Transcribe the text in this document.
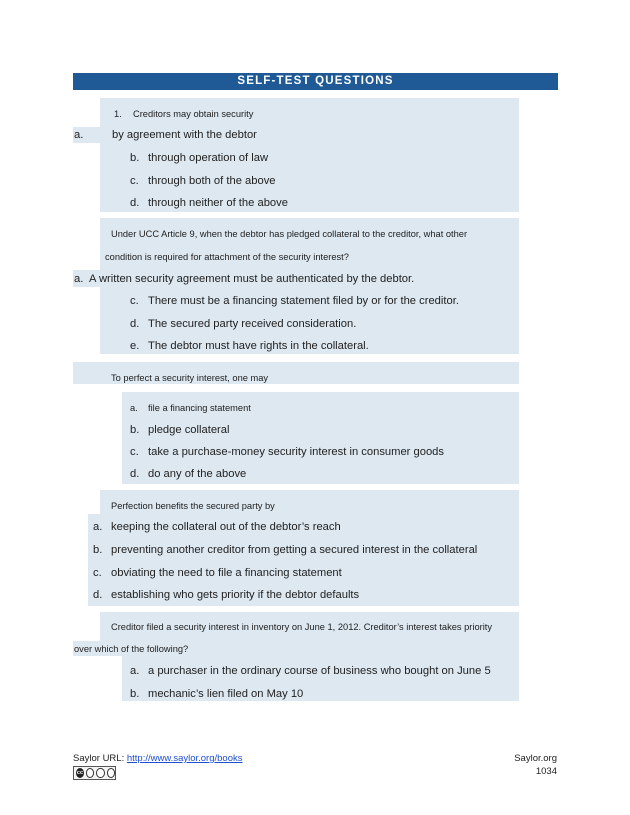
SELF-TEST QUESTIONS
1. Creditors may obtain security
a.	by agreement with the debtor
b. through operation of law
c. through both of the above
d. through neither of the above
Under UCC Article 9, when the debtor has pledged collateral to the creditor, what other
condition is required for attachment of the security interest?
a. A written security agreement must be authenticated by the debtor.
c. There must be a financing statement filed by or for the creditor.
d. The secured party received consideration.
e. The debtor must have rights in the collateral.
To perfect a security interest, one may
a. file a financing statement
b. pledge collateral
c. take a purchase-money security interest in consumer goods
d. do any of the above
Perfection benefits the secured party by
a. keeping the collateral out of the debtor’s reach
b. preventing another creditor from getting a secured interest in the collateral
c. obviating the need to file a financing statement
d. establishing who gets priority if the debtor defaults
Creditor filed a security interest in inventory on June 1, 2012. Creditor’s interest takes priority
over which of the following?
a. a purchaser in the ordinary course of business who bought on June 5
b. mechanic’s lien filed on May 10
Saylor URL: http://www.saylor.org/books
cc
Saylor.org
1034
